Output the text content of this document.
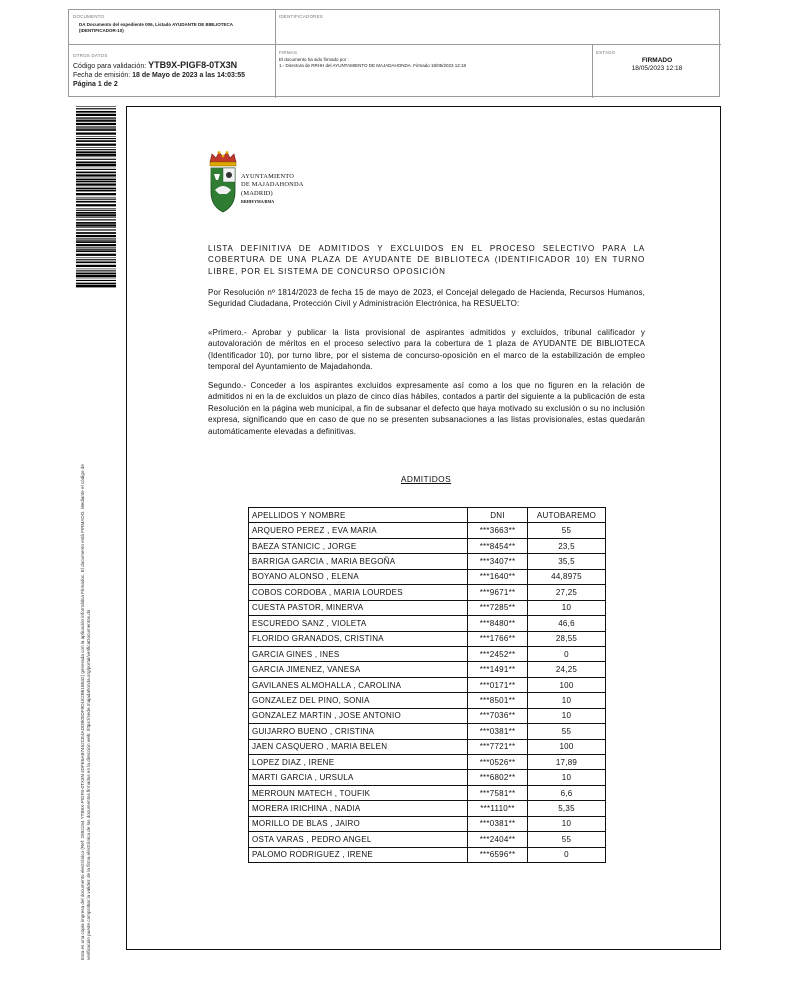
DOCUMENTO
DA Documento del expediente 006, Listado AYUDANTE DE BIBLIOTECA (IDENTIFICADOR-10)
IDENTIFICADORES
OTROS DATOS
Código para validación: YTB9X-PIGF8-0TX3N
Fecha de emisión: 18 de Mayo de 2023 a las 14:03:55
Página 1 de 2
FIRMAS
El documento ha sido firmado por :
1.- Directora de RRHH del AYUNTAMIENTO DE MAJADAHONDA. Firmado 18/05/2023 12:18
ESTADO
FIRMADO
18/05/2023 12:18
Esta es una copia impresa del documento electrónico (Ref: 2592154 YTB9X-PIGF8-0TX3N 4DFE6AB7452CE4ADDB05DF9D1E2B61B632) generada con la aplicación informática Firmadoc. El documento está FIRMADO. Mediante el código de verificación puede comprobar la validez de la firma electrónica de los documentos firmados en la dirección web: https://sede.majadahonda.org/portal/verificaDocumentos.do
AYUNTAMIENTO
DE MAJADAHONDA
(MADRID)
RRHH/YMA/BMA
LISTA DEFINITIVA DE ADMITIDOS Y EXCLUIDOS EN EL PROCESO SELECTIVO PARA LA COBERTURA DE UNA PLAZA DE AYUDANTE DE BIBLIOTECA (IDENTIFICADOR 10) EN TURNO LIBRE, POR EL SISTEMA DE CONCURSO OPOSICIÓN
Por Resolución nº 1814/2023 de fecha 15 de mayo de 2023, el Concejal delegado de Hacienda, Recursos Humanos, Seguridad Ciudadana, Protección Civil y Administración Electrónica, ha RESUELTO:
«Primero.- Aprobar y publicar la lista provisional de aspirantes admitidos y excluidos, tribunal calificador y autovaloración de méritos en el proceso selectivo para la cobertura de 1 plaza de AYUDANTE DE BIBLIOTECA (Identificador 10), por turno libre, por el sistema de concurso-oposición en el marco de la estabilización de empleo temporal del Ayuntamiento de Majadahonda.
Segundo.- Conceder a los aspirantes excluidos expresamente así como a los que no figuren en la relación de admitidos ni en la de excluidos un plazo de cinco días hábiles, contados a partir del siguiente a la publicación de esta Resolución en la página web municipal, a fin de subsanar el defecto que haya motivado su exclusión o su no inclusión expresa, significando que en caso de que no se presenten subsanaciones a las listas provisionales, estas quedarán automáticamente elevadas a definitivas.
ADMITIDOS
APELLIDOS Y NOMBRE	DNI	AUTOBAREMO
ARQUERO PEREZ , EVA MARIA	***3663**	55
BAEZA STANICIC , JORGE	***8454**	23,5
BARRIGA GARCIA , MARIA BEGOÑA	***3407**	35,5
BOYANO ALONSO , ELENA	***1640**	44,8975
COBOS CORDOBA , MARIA LOURDES	***9671**	27,25
CUESTA PASTOR, MINERVA	***7285**	10
ESCUREDO SANZ , VIOLETA	***8480**	46,6
FLORIDO GRANADOS, CRISTINA	***1766**	28,55
GARCIA GINES , INES	***2452**	0
GARCIA JIMENEZ, VANESA	***1491**	24,25
GAVILANES ALMOHALLA , CAROLINA	***0171**	100
GONZALEZ DEL PINO, SONIA	***8501**	10
GONZALEZ MARTIN , JOSE ANTONIO	***7036**	10
GUIJARRO BUENO , CRISTINA	***0381**	55
JAEN CASQUERO , MARIA BELEN	***7721**	100
LOPEZ DIAZ , IRENE	***0526**	17,89
MARTI GARCIA , URSULA	***6802**	10
MERROUN MATECH , TOUFIK	***7581**	6,6
MORERA IRICHINA , NADIA	***1110**	5,35
MORILLO DE BLAS , JAIRO	***0381**	10
OSTA VARAS , PEDRO ANGEL	***2404**	55
PALOMO RODRIGUEZ , IRENE	***6596**	0
